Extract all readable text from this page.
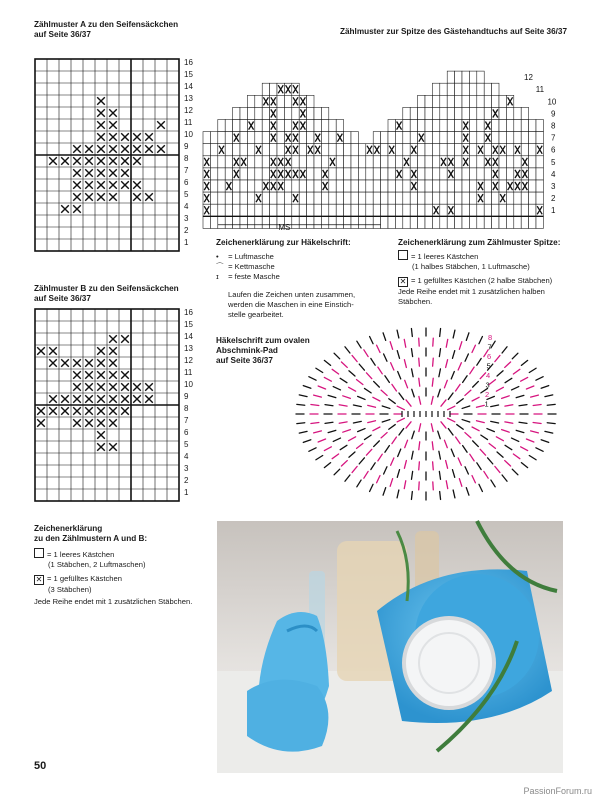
Zählmuster A zu den Seifensäckchen
auf Seite 36/37
16
15
14
13
12
11
10
9
8
7
6
5
4
3
2
1
Zählmuster B zu den Seifensäckchen
auf Seite 36/37
16
15
14
13
12
11
10
9
8
7
6
5
4
3
2
1
Zählmuster zur Spitze des Gästehandtuchs auf Seite 36/37
MS
12
11
10
9
8
7
6
5
4
3
2
1
Zeichenerklärung zur Häkelschrift:
• = Luftmasche
⌒ = Kettmasche
ɪ = feste Masche
Laufen die Zeichen unten zusammen,
werden die Maschen in eine Einstich-
stelle gearbeitet.
Zeichenerklärung zum Zählmuster Spitze:
= 1 leeres Kästchen
(1 halbes Stäbchen, 1 Luftmasche)
✕ = 1 gefülltes Kästchen (2 halbe Stäbchen)
Jede Reihe endet mit 1 zusätzlichen halben
Stäbchen.
Häkelschrift zum ovalen
Abschmink-Pad
auf Seite 36/37
8
7
6
5
4
3
2
1
Zeichenerklärung
zu den Zählmustern A und B:
= 1 leeres Kästchen
(1 Stäbchen, 2 Luftmaschen)
✕ = 1 gefülltes Kästchen
(3 Stäbchen)
Jede Reihe endet mit 1 zusätzlichen Stäbchen.
50
PassionForum.ru
